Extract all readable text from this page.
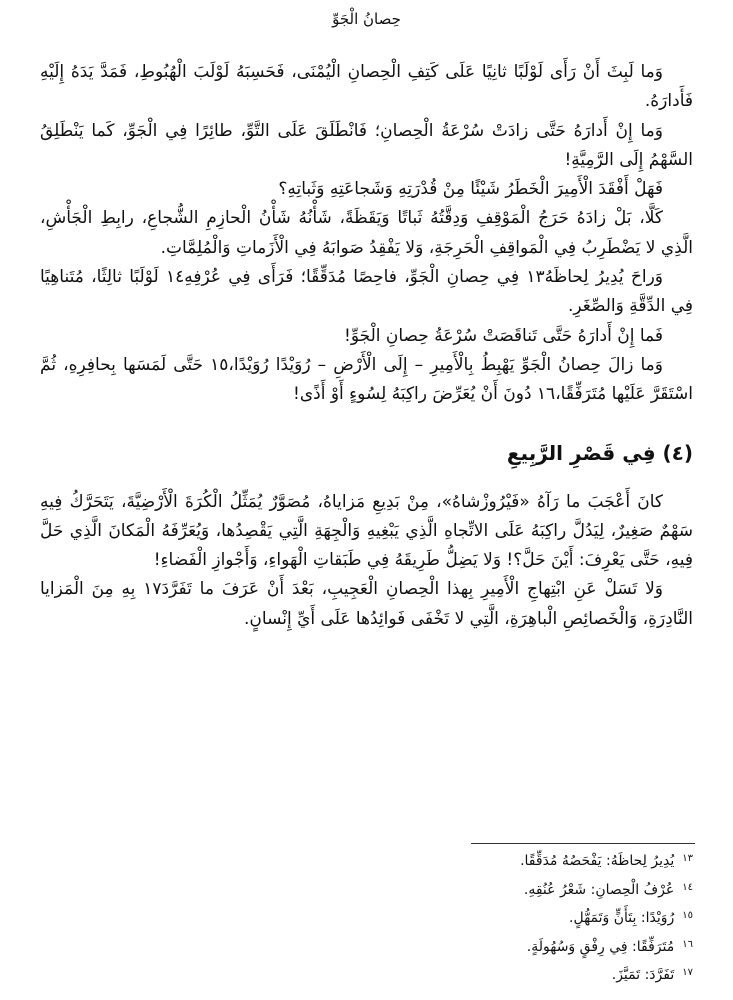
حِصانُ الْجَوِّ

وَما لَبِثَ أَنْ رَأَى لَوْلَبًا ثانِيًا عَلَى كَتِفِ الْحِصانِ الْيُمْنَى، فَحَسِبَهُ لَوْلَبَ الْهُبُوطِ، فَمَدَّ يَدَهُ إِلَيْهِ فَأَدارَهُ.

وَما إِنْ أَدارَهُ حَتَّى زادَتْ سُرْعَةُ الْحِصانِ؛ فَانْطَلَقَ عَلَى التَّوِّ، طائِرًا فِي الْجَوِّ، كَما يَنْطَلِقُ السَّهْمُ إِلَى الرَّمِيَّةِ!

فَهَلْ أَفْقَدَ الْأَمِيرَ الْخَطَرُ شَيْئًا مِنْ قُدْرَتِهِ وَشَجاعَتِهِ وَثَباتِهِ؟

كَلَّا، بَلْ زادَهُ حَرَجُ الْمَوْقِفِ وَدِقَّتُهُ ثَباتًا وَيَقَظَةً، شَأْنُهُ شَأْنُ الْحازِمِ الشُّجاعِ، رابِطِ الْجَأْشِ، الَّذِي لا يَضْطَرِبُ فِي الْمَواقِفِ الْحَرِجَةِ، وَلا يَفْقِدُ صَوابَهُ فِي الْأَزَماتِ وَالْمُلِمَّاتِ.

وَراحَ يُدِيرُ لِحاظَهُ١٣ فِي حِصانِ الْجَوِّ، فاحِصًا مُدَقِّقًا؛ فَرَأَى فِي عُرْفِهِ١٤ لَوْلَبًا ثالِثًا، مُتَناهِيًا فِي الدِّقَّةِ وَالصِّغَرِ.

فَما إِنْ أَدارَهُ حَتَّى تَناقَصَتْ سُرْعَةُ حِصانِ الْجَوِّ!

وَما زالَ حِصانُ الْجَوِّ يَهْبِطُ بِالْأَمِيرِ – إِلَى الْأَرْضِ – رُوَيْدًا رُوَيْدًا،١٥ حَتَّى لَمَسَها بِحافِرِهِ، ثُمَّ اسْتَقَرَّ عَلَيْها مُتَرَفِّقًا،١٦ دُونَ أَنْ يُعَرِّضَ راكِبَهُ لِسُوءٍ أَوْ أَذًى!

(٤) فِي قَصْرِ الرَّبِيعِ

كانَ أَعْجَبَ ما رَآهُ «فَيْرُوزْشاهُ»، مِنْ بَدِيعِ مَزاياهُ، مُصَوَّرٌ يُمَثِّلُ الْكُرَةَ الْأَرْضِيَّةَ، يَتَحَرَّكُ فِيهِ سَهْمٌ صَغِيرٌ، لِيَدُلَّ راكِبَهُ عَلَى الاتِّجاهِ الَّذِي يَبْغِيهِ وَالْجِهَةِ الَّتِي يَقْصِدُها، وَيُعَرِّفَهُ الْمَكانَ الَّذِي حَلَّ فِيهِ، حَتَّى يَعْرِفَ: أَيْنَ حَلَّ؟! وَلا يَضِلُّ طَرِيقَهُ فِي طَبَقاتِ الْهَواءِ، وَأَجْوازِ الْفَضاءِ!

وَلا تَسَلْ عَنِ ابْتِهاجِ الْأَمِيرِ بِهذا الْحِصانِ الْعَجِيبِ، بَعْدَ أَنْ عَرَفَ ما تَفَرَّدَ١٧ بِهِ مِنَ الْمَزايا النَّادِرَةِ، وَالْخَصائِصِ الْباهِرَةِ، الَّتِي لا تَخْفَى فَوائِدُها عَلَى أَيِّ إِنْسانٍ.

$^{١٣}$يُدِيرُ لِحاظَهُ: يَفْحَصُهُ مُدَقِّقًا.

$^{١٤}$عُرْفُ الْحِصانِ: شَعْرُ عُنُقِهِ.

$^{١٥}$رُوَيْدًا: بِتَأَنٍّ وَتَمَهُّلٍ.

$^{١٦}$مُتَرَفِّقًا: فِي رِفْقٍ وَسُهُولَةٍ.

$^{١٧}$تَفَرَّدَ: تَمَيَّزَ.
